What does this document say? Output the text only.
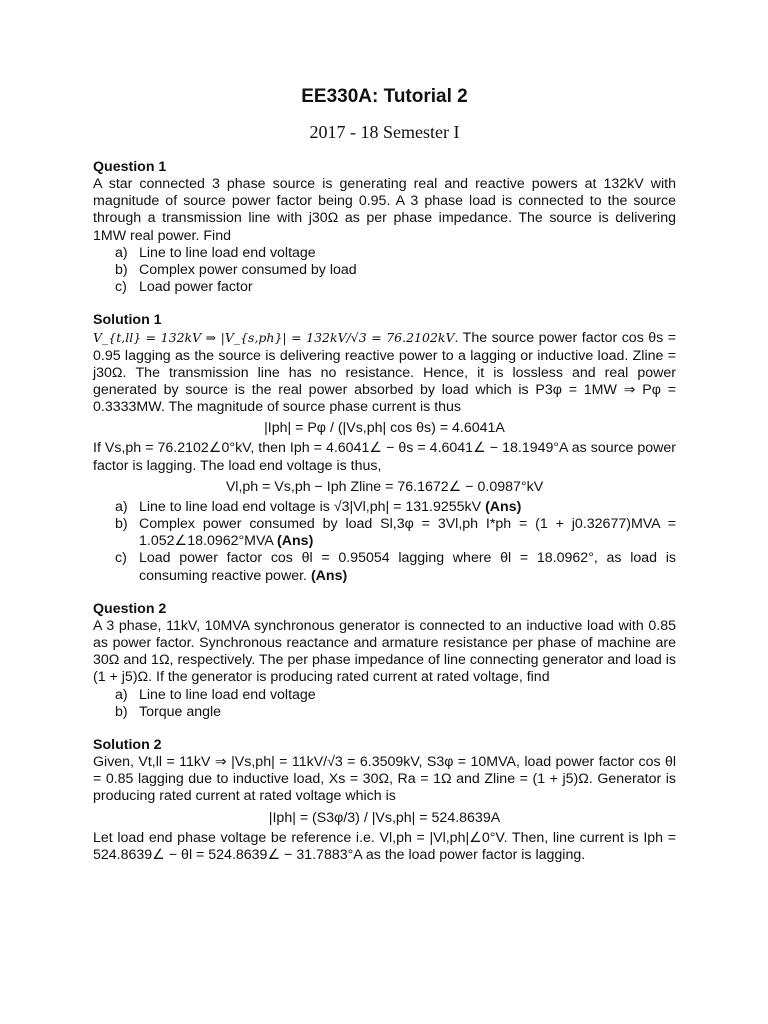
EE330A: Tutorial 2
2017 - 18 Semester I
Question 1

A star connected 3 phase source is generating real and reactive powers at 132kV with magnitude of source power factor being 0.95. A 3 phase load is connected to the source through a transmission line with j30Ω as per phase impedance. The source is delivering 1MW real power. Find

a) Line to line load end voltage
b) Complex power consumed by load
c) Load power factor
Solution 1

V_{t,ll} = 132kV ⇒ |V_{s,ph}| = 132kV/√3 = 76.2102kV. The source power factor cos θs = 0.95 lagging as the source is delivering reactive power to a lagging or inductive load. Zline = j30Ω. The transmission line has no resistance. Hence, it is lossless and real power generated by source is the real power absorbed by load which is P3φ = 1MW ⇒ Pφ = 0.3333MW. The magnitude of source phase current is thus

|Iph| = Pφ / (|Vs,ph| cos θs) = 4.6041A

If Vs,ph = 76.2102∠0°kV, then Iph = 4.6041∠ − θs = 4.6041∠ − 18.1949°A as source power factor is lagging. The load end voltage is thus,

Vl,ph = Vs,ph − Iph Zline = 76.1672∠ − 0.0987°kV
a) Line to line load end voltage is √3|Vl,ph| = 131.9255kV (Ans)
b) Complex power consumed by load Sl,3φ = 3Vl,ph I*ph = (1 + j0.32677)MVA = 1.052∠18.0962°MVA (Ans)
c) Load power factor cos θl = 0.95054 lagging where θl = 18.0962°, as load is consuming reactive power. (Ans)
Question 2

A 3 phase, 11kV, 10MVA synchronous generator is connected to an inductive load with 0.85 as power factor. Synchronous reactance and armature resistance per phase of machine are 30Ω and 1Ω, respectively. The per phase impedance of line connecting generator and load is (1 + j5)Ω. If the generator is producing rated current at rated voltage, find

a) Line to line load end voltage
b) Torque angle
Solution 2

Given, Vt,ll = 11kV ⇒ |Vs,ph| = 11kV/√3 = 6.3509kV, S3φ = 10MVA, load power factor cos θl = 0.85 lagging due to inductive load, Xs = 30Ω, Ra = 1Ω and Zline = (1 + j5)Ω. Generator is producing rated current at rated voltage which is

|Iph| = (S3φ/3) / |Vs,ph| = 524.8639A

Let load end phase voltage be reference i.e. Vl,ph = |Vl,ph|∠0°V. Then, line current is Iph = 524.8639∠ − θl = 524.8639∠ − 31.7883°A as the load power factor is lagging.
